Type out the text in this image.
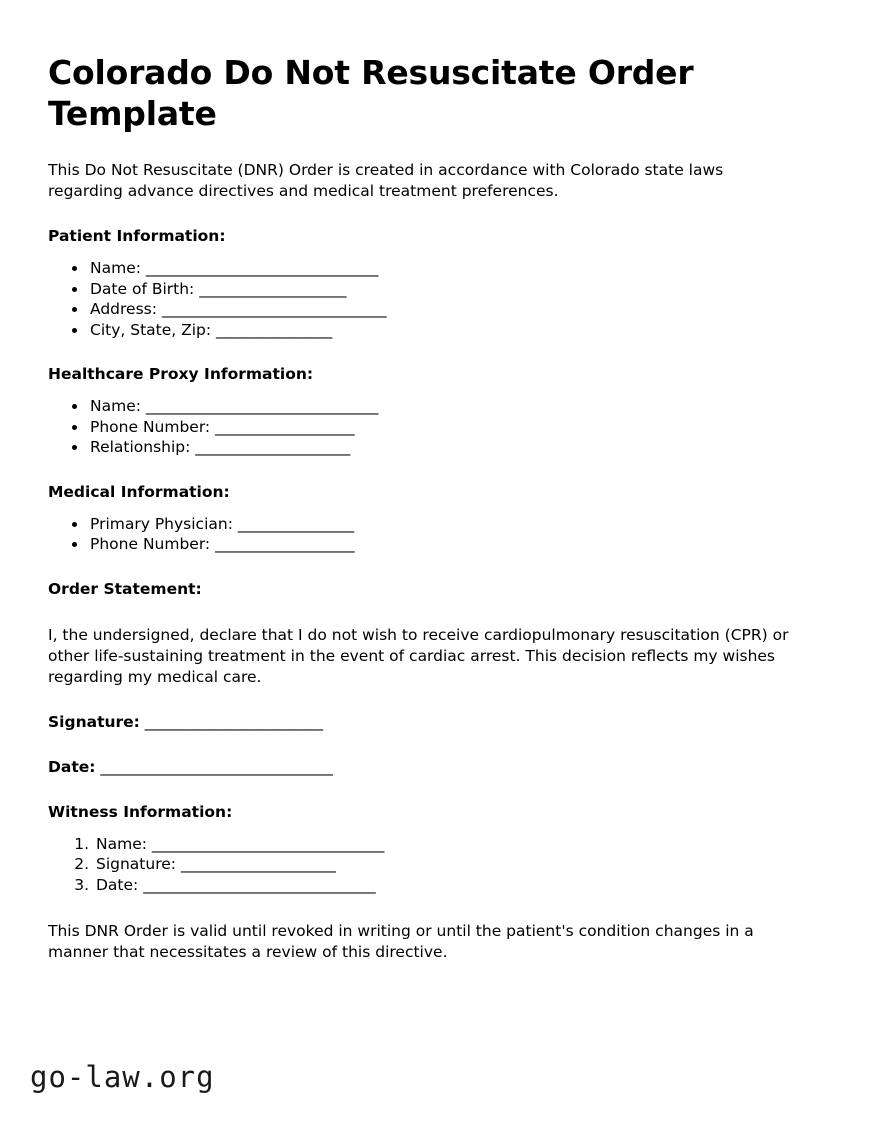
Colorado Do Not Resuscitate Order Template

This Do Not Resuscitate (DNR) Order is created in accordance with Colorado state laws regarding advance directives and medical treatment preferences.

Patient Information:
• Name: ______________________________
• Date of Birth: ___________________
• Address: _____________________________
• City, State, Zip: _______________
Healthcare Proxy Information:
• Name: ______________________________
• Phone Number: __________________
• Relationship: ____________________
Medical Information:
• Primary Physician: _______________
• Phone Number: __________________
Order Statement:

I, the undersigned, declare that I do not wish to receive cardiopulmonary resuscitation (CPR) or other life-sustaining treatment in the event of cardiac arrest. This decision reflects my wishes regarding my medical care.

Signature: _______________________
Date: ______________________________
Witness Information:
1. Name: ______________________________
2. Signature: ____________________
3. Date: ______________________________

This DNR Order is valid until revoked in writing or until the patient's condition changes in a manner that necessitates a review of this directive.

go-law.org
